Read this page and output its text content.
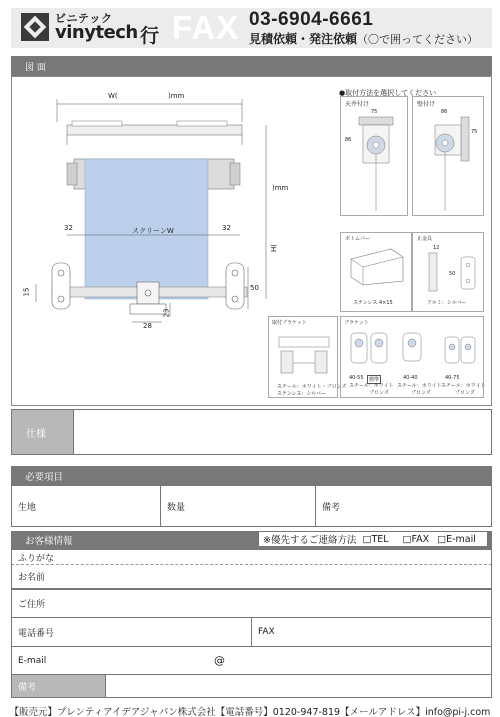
ビニテック
vinytech 行 FAX 03-6904-6661
見積依頼・発注依頼（〇で囲ってください）
図 面
W(	)mm
)mm
H(
32	スクリーンW	32
15	50
28
23
●取付方法を選択してください
天井付け
75
86
壁付け
86
75
ボトムバー
ステンレス 4×15
止金具
12
50
アルミ：シルバー
取付ブラケット
スチール：ホワイト・ブロンズ
ステンレス：シルバー
ブラケット
40-55	標準
スチール：ホワイト
ブロンズ
40-40
スチール：ホワイト
ブロンズ
40-75
スチール：ホワイト
ブロンズ
仕様
必要項目
生地	数量	備考
お客様情報	※優先するご連絡方法 □TEL □FAX □E-mail
ふりがな
お名前
ご住所
電話番号	FAX
E-mail	@
備考
【販売元】プレンティアイデアジャパン株式会社【電話番号】0120-947-819【メールアドレス】info@pi-j.com
